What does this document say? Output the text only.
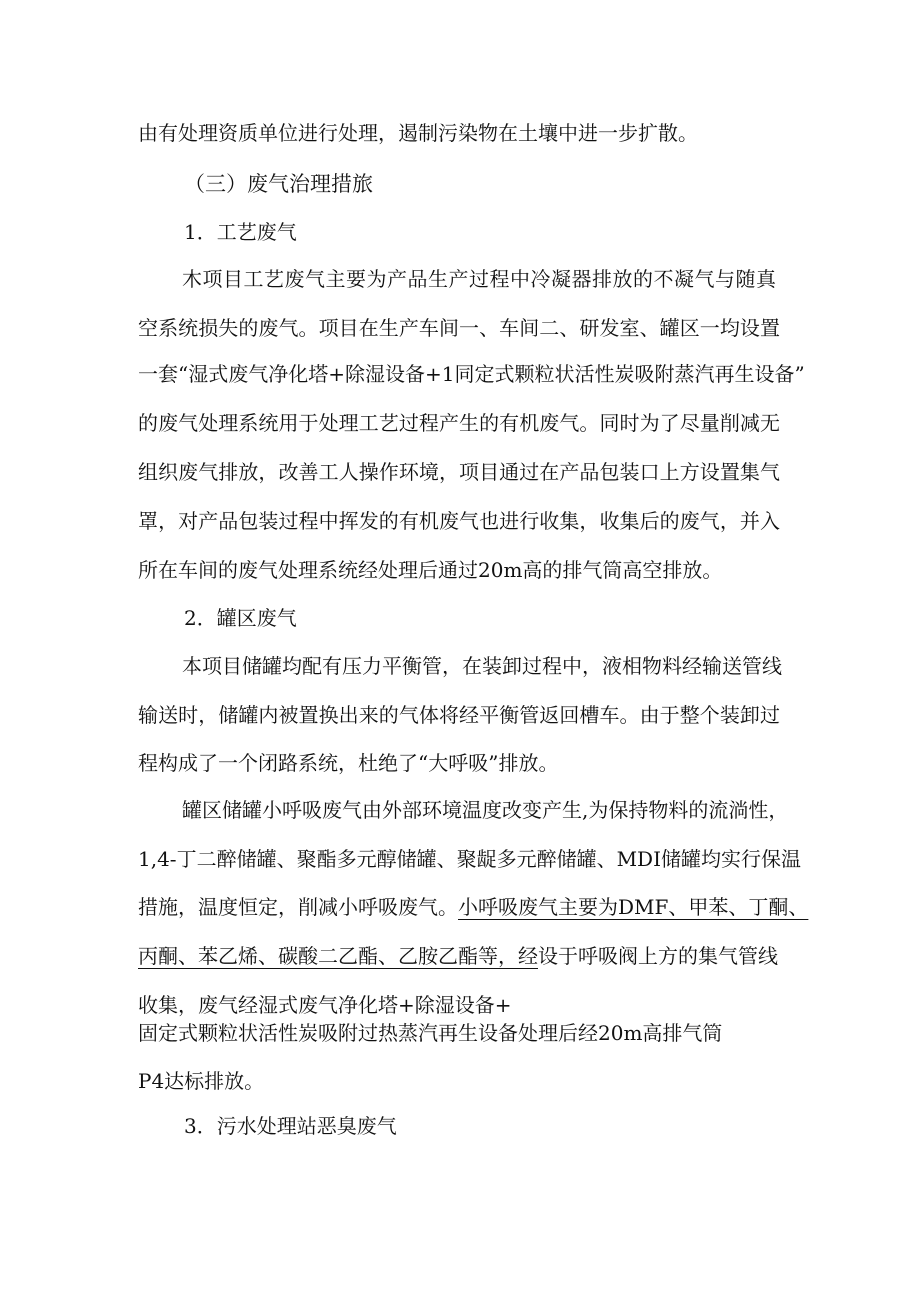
由有处理资质单位进行处理，遏制污染物在土壤中进一步扩散。
（三）废气治理措旅
1．工艺废气
木项目工艺废气主要为产品生产过程中冷凝器排放的不凝气与随真
空系统损失的废气。项目在生产车间一、车间二、研发室、罐区一均设置
一套“湿式废气净化塔+除湿设备+1同定式颗粒状活性炭吸附蒸汽再生设备”
的废气处理系统用于处理工艺过程产生的有机废气。同时为了尽量削减无
组织废气排放，改善工人操作环境，项目通过在产品包装口上方设置集气
罩，对产品包装过程中挥发的有机废气也进行收集，收集后的废气，并入
所在车间的废气处理系统经处理后通过20m高的排气筒高空排放。
2．罐区废气
本项目储罐均配有压力平衡管，在装卸过程中，液相物料经输送管线
输送时，储罐内被置换出来的气体将经平衡管返回槽车。由于整个装卸过
程构成了一个闭路系统，杜绝了“大呼吸”排放。
罐区储罐小呼吸废气由外部环境温度改变产生,为保持物料的流淌性，
1,4-丁二醉储罐、聚酯多元醇储罐、聚龊多元醉储罐、MDI储罐均实行保温
措施，温度恒定，削减小呼吸废气。小呼吸废气主要为DMF、甲苯、丁酮、
丙酮、苯乙烯、碳酸二乙酯、乙胺乙酯等，经设于呼吸阀上方的集气管线
收集，废气经湿式废气净化塔+除湿设备+
固定式颗粒状活性炭吸附过热蒸汽再生设备处理后经20m高排气筒
P4达标排放。
3．污水处理站恶臭废气
